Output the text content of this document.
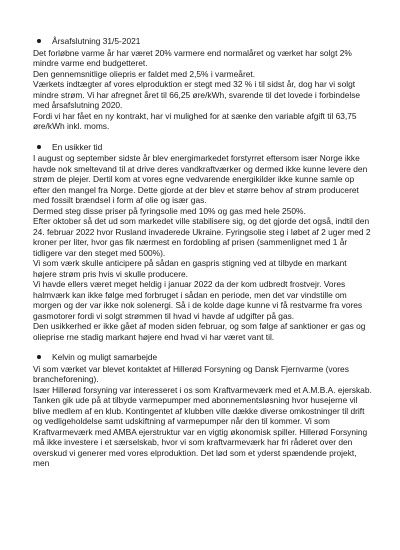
Årsafslutning 31/5-2021

Det forløbne varme år har været 20% varmere end normalåret og værket har solgt 2% mindre varme end budgetteret.

Den gennemsnitlige oliepris er faldet med 2,5% i varmeåret.

Værkets indtægter af vores elproduktion er stegt med 32 % i til sidst år, dog har vi solgt mindre strøm. Vi har afregnet året til 66,25 øre/kWh, svarende til det lovede i forbindelse med årsafslutning 2020.

Fordi vi har fået en ny kontrakt, har vi mulighed for at sænke den variable afgift til 63,75 øre/kWh inkl. moms.

En usikker tid

I august og september sidste år blev energimarkedet forstyrret eftersom især Norge ikke havde nok smeltevand til at drive deres vandkraftværker og dermed ikke kunne levere den strøm de plejer. Dertil kom at vores egne vedvarende energikilder ikke kunne samle op efter den mangel fra Norge. Dette gjorde at der blev et større behov af strøm produceret med fossilt brændsel i form af olie og især gas.

Dermed steg disse priser på fyringsolie med 10% og gas med hele 250%.

Efter oktober så det ud som markedet ville stabilisere sig, og det gjorde det også, indtil den 24. februar 2022 hvor Rusland invaderede Ukraine. Fyringsolie steg i løbet af 2 uger med 2 kroner per liter, hvor gas fik nærmest en fordobling af prisen (sammenlignet med 1 år tidligere var den steget med 500%).

Vi som værk skulle anticipere på sådan en gaspris stigning ved at tilbyde en markant højere strøm pris hvis vi skulle producere.

Vi havde ellers været meget heldig i januar 2022 da der kom udbredt frostvejr. Vores halmværk kan ikke følge med forbruget i sådan en periode, men det var vindstille om morgen og der var ikke nok solenergi. Så i de kolde dage kunne vi få restvarme fra vores gasmotorer fordi vi solgt strømmen til hvad vi havde af udgifter på gas.

Den usikkerhed er ikke gået af moden siden februar, og som følge af sanktioner er gas og olieprise rne stadig markant højere end hvad vi har været vant til.

Kelvin og muligt samarbejde

Vi som værket var blevet kontaktet af Hillerød Forsyning og Dansk Fjernvarme (vores brancheforening).

Især Hillerød forsyning var interesseret i os som Kraftvarmeværk med et A.M.B.A. ejerskab.

Tanken gik ude på at tilbyde varmepumper med abonnementsløsning hvor husejerne vil blive medlem af en klub. Kontingentet af klubben ville dække diverse omkostninger til drift og vedligeholdelse samt udskiftning af varmepumper når den til kommer. Vi som Kraftvarmeværk med AMBA ejerstruktur var en vigtig økonomisk spiller. Hillerød Forsyning må ikke investere i et særselskab, hvor vi som kraftvarmeværk har fri råderet over den overskud vi generer med vores elproduktion. Det lød som et yderst spændende projekt, men
